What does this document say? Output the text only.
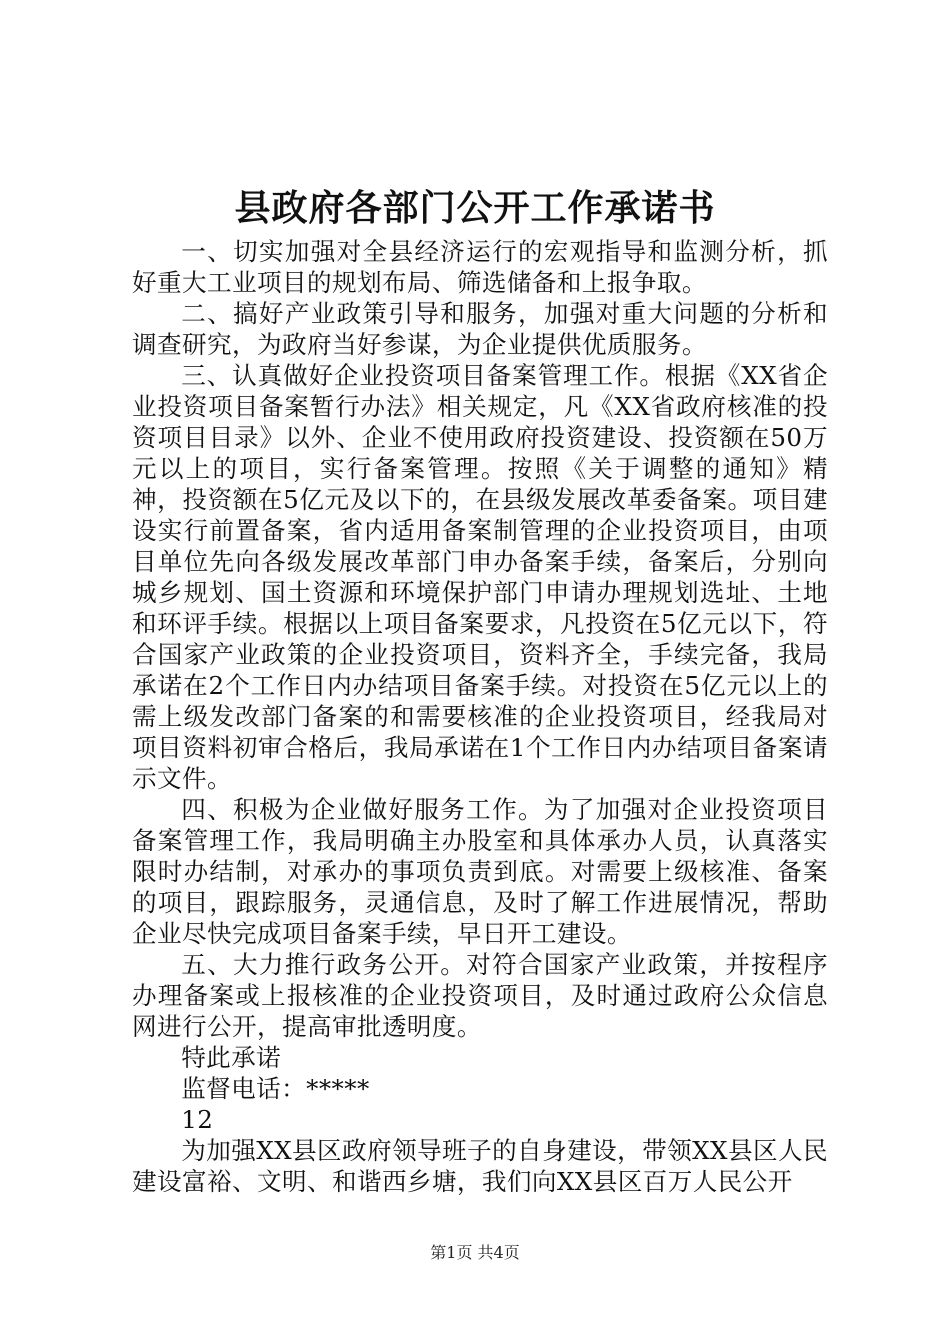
县政府各部门公开工作承诺书

一、切实加强对全县经济运行的宏观指导和监测分析，抓好重大工业项目的规划布局、筛选储备和上报争取。

二、搞好产业政策引导和服务，加强对重大问题的分析和调查研究，为政府当好参谋，为企业提供优质服务。

三、认真做好企业投资项目备案管理工作。根据《XX省企业投资项目备案暂行办法》相关规定，凡《XX省政府核准的投资项目目录》以外、企业不使用政府投资建设、投资额在50万元以上的项目，实行备案管理。按照《关于调整的通知》精神，投资额在5亿元及以下的，在县级发展改革委备案。项目建设实行前置备案，省内适用备案制管理的企业投资项目，由项目单位先向各级发展改革部门申办备案手续，备案后，分别向城乡规划、国土资源和环境保护部门申请办理规划选址、土地和环评手续。根据以上项目备案要求，凡投资在5亿元以下，符合国家产业政策的企业投资项目，资料齐全，手续完备，我局承诺在2个工作日内办结项目备案手续。对投资在5亿元以上的需上级发改部门备案的和需要核准的企业投资项目，经我局对项目资料初审合格后，我局承诺在1个工作日内办结项目备案请示文件。

四、积极为企业做好服务工作。为了加强对企业投资项目备案管理工作，我局明确主办股室和具体承办人员，认真落实限时办结制，对承办的事项负责到底。对需要上级核准、备案的项目，跟踪服务，灵通信息，及时了解工作进展情况，帮助企业尽快完成项目备案手续，早日开工建设。

五、大力推行政务公开。对符合国家产业政策，并按程序办理备案或上报核准的企业投资项目，及时通过政府公众信息网进行公开，提高审批透明度。

特此承诺

监督电话：*****

12

为加强XX县区政府领导班子的自身建设，带领XX县区人民建设富裕、文明、和谐西乡塘，我们向XX县区百万人民公开

第1页 共4页
